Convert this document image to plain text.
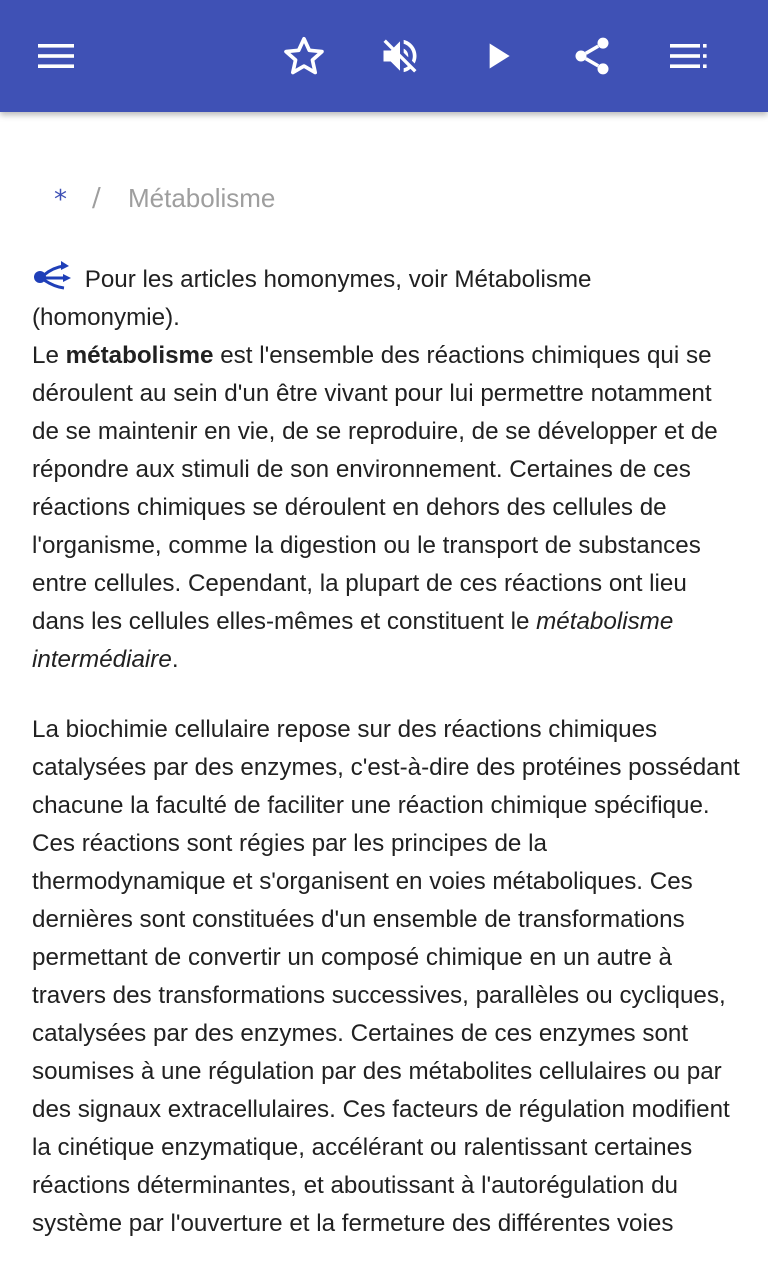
* / Métabolisme

Pour les articles homonymes, voir Métabolisme (homonymie).

Le métabolisme est l'ensemble des réactions chimiques qui se déroulent au sein d'un être vivant pour lui permettre notamment de se maintenir en vie, de se reproduire, de se développer et de répondre aux stimuli de son environnement. Certaines de ces réactions chimiques se déroulent en dehors des cellules de l'organisme, comme la digestion ou le transport de substances entre cellules. Cependant, la plupart de ces réactions ont lieu dans les cellules elles-mêmes et constituent le métabolisme intermédiaire.

La biochimie cellulaire repose sur des réactions chimiques catalysées par des enzymes, c'est-à-dire des protéines possédant chacune la faculté de faciliter une réaction chimique spécifique. Ces réactions sont régies par les principes de la thermodynamique et s'organisent en voies métaboliques. Ces dernières sont constituées d'un ensemble de transformations permettant de convertir un composé chimique en un autre à travers des transformations successives, parallèles ou cycliques, catalysées par des enzymes. Certaines de ces enzymes sont soumises à une régulation par des métabolites cellulaires ou par des signaux extracellulaires. Ces facteurs de régulation modifient la cinétique enzymatique, accélérant ou ralentissant certaines réactions déterminantes, et aboutissant à l'autorégulation du système par l'ouverture et la fermeture des différentes voies
